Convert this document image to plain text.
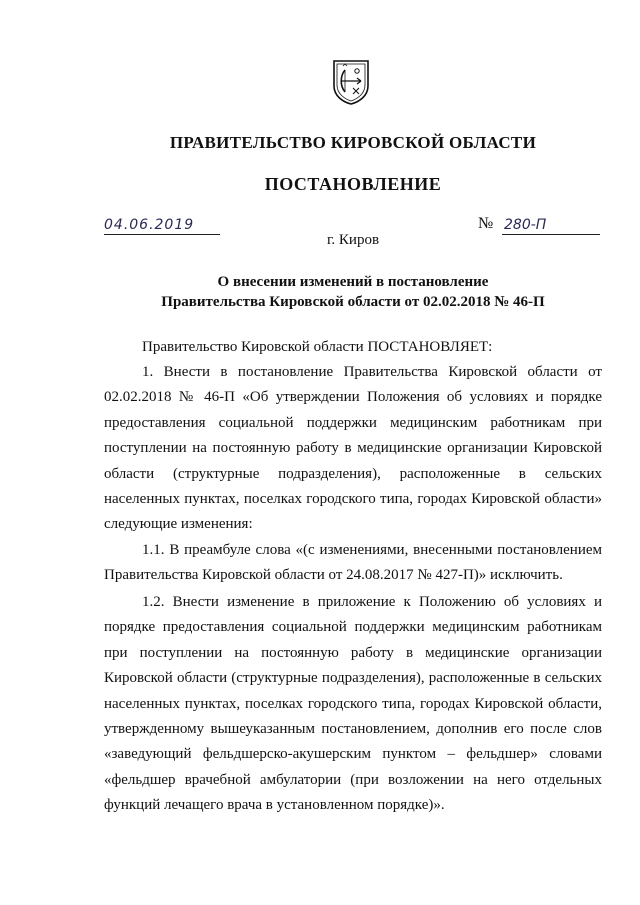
ПРАВИТЕЛЬСТВО КИРОВСКОЙ ОБЛАСТИ
ПОСТАНОВЛЕНИЕ
04.06.2019	№ 280-П
г. Киров
О внесении изменений в постановление
Правительства Кировской области от 02.02.2018 № 46-П

Правительство Кировской области ПОСТАНОВЛЯЕТ:

1. Внести в постановление Правительства Кировской области от 02.02.2018 № 46-П «Об утверждении Положения об условиях и порядке предоставления социальной поддержки медицинским работникам при поступлении на постоянную работу в медицинские организации Кировской области (структурные подразделения), расположенные в сельских населенных пунктах, поселках городского типа, городах Кировской области» следующие изменения:

1.1. В преамбуле слова «(с изменениями, внесенными постановлением Правительства Кировской области от 24.08.2017 № 427-П)» исключить.

1.2. Внести изменение в приложение к Положению об условиях и порядке предоставления социальной поддержки медицинским работникам при поступлении на постоянную работу в медицинские организации Кировской области (структурные подразделения), расположенные в сельских населенных пунктах, поселках городского типа, городах Кировской области, утвержденному вышеуказанным постановлением, дополнив его после слов «заведующий фельдшерско-акушерским пунктом – фельдшер» словами «фельдшер врачебной амбулатории (при возложении на него отдельных функций лечащего врача в установленном порядке)».
